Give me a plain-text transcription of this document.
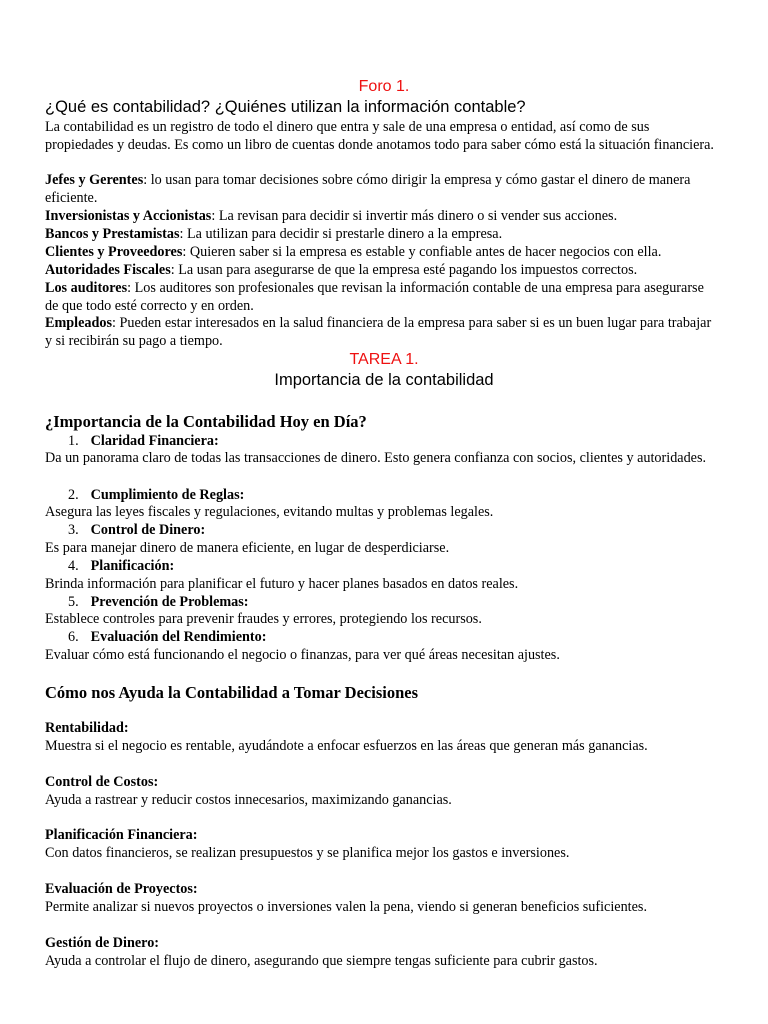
Foro 1.
¿Qué es contabilidad? ¿Quiénes utilizan la información contable?
La contabilidad es un registro de todo el dinero que entra y sale de una empresa o entidad, así como de sus propiedades y deudas. Es como un libro de cuentas donde anotamos todo para saber cómo está la situación financiera.
Jefes y Gerentes: lo usan para tomar decisiones sobre cómo dirigir la empresa y cómo gastar el dinero de manera eficiente.
Inversionistas y Accionistas: La revisan para decidir si invertir más dinero o si vender sus acciones.
Bancos y Prestamistas: La utilizan para decidir si prestarle dinero a la empresa.
Clientes y Proveedores: Quieren saber si la empresa es estable y confiable antes de hacer negocios con ella.
Autoridades Fiscales: La usan para asegurarse de que la empresa esté pagando los impuestos correctos.
Los auditores: Los auditores son profesionales que revisan la información contable de una empresa para asegurarse de que todo esté correcto y en orden.
Empleados: Pueden estar interesados en la salud financiera de la empresa para saber si es un buen lugar para trabajar y si recibirán su pago a tiempo.
TAREA 1.
Importancia de la contabilidad
¿Importancia de la Contabilidad Hoy en Día?
1. Claridad Financiera:
Da un panorama claro de todas las transacciones de dinero. Esto genera confianza con socios, clientes y autoridades.
2. Cumplimiento de Reglas:
Asegura las leyes fiscales y regulaciones, evitando multas y problemas legales.
3. Control de Dinero:
Es para manejar dinero de manera eficiente, en lugar de desperdiciarse.
4. Planificación:
Brinda información para planificar el futuro y hacer planes basados en datos reales.
5. Prevención de Problemas:
Establece controles para prevenir fraudes y errores, protegiendo los recursos.
6. Evaluación del Rendimiento:
Evaluar cómo está funcionando el negocio o finanzas, para ver qué áreas necesitan ajustes.
Cómo nos Ayuda la Contabilidad a Tomar Decisiones
Rentabilidad:
Muestra si el negocio es rentable, ayudándote a enfocar esfuerzos en las áreas que generan más ganancias.
Control de Costos:
Ayuda a rastrear y reducir costos innecesarios, maximizando ganancias.
Planificación Financiera:
Con datos financieros, se realizan presupuestos y se planifica mejor los gastos e inversiones.
Evaluación de Proyectos:
Permite analizar si nuevos proyectos o inversiones valen la pena, viendo si generan beneficios suficientes.
Gestión de Dinero:
Ayuda a controlar el flujo de dinero, asegurando que siempre tengas suficiente para cubrir gastos.
